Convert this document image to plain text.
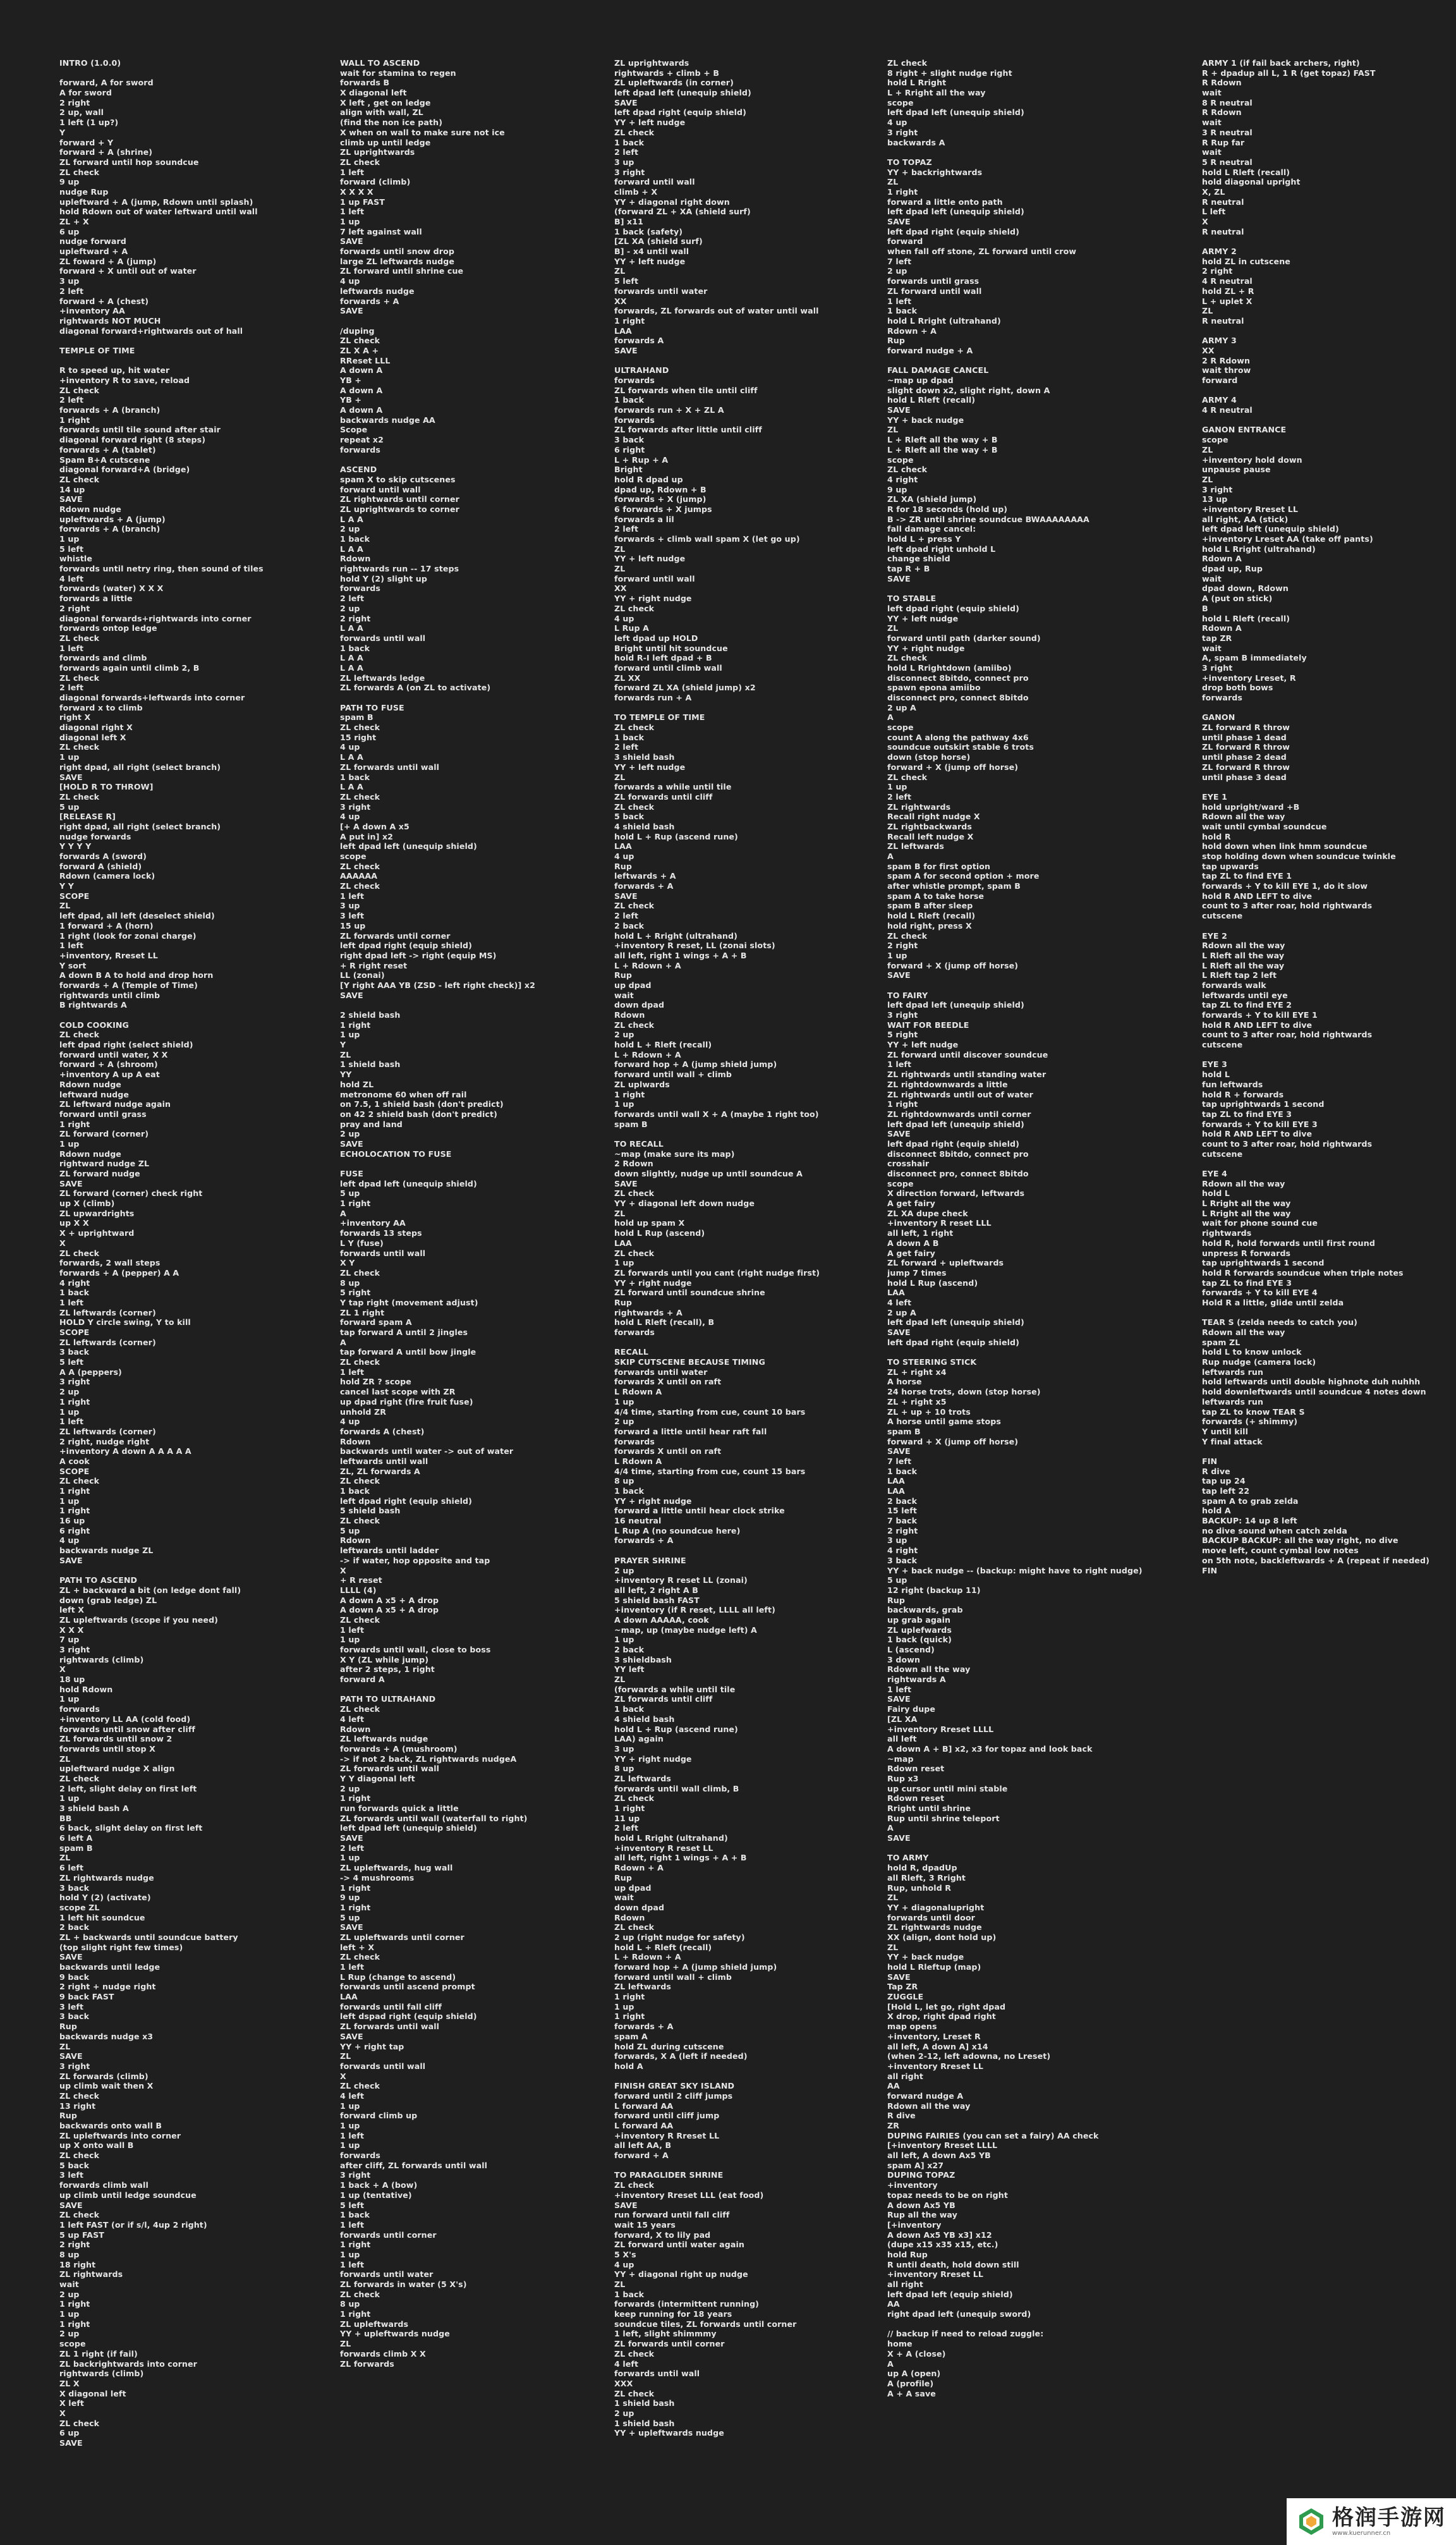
INTRO (1.0.0)
forward, A for sword
A for sword
2 right
2 up, wall
1 left (1 up?)
Y
forward + Y
forward + A (shrine)
ZL forward until hop soundcue
ZL check
9 up
nudge Rup
upleftward + A (jump, Rdown until splash)
hold Rdown out of water leftward until wall
ZL + X
6 up
nudge forward
upleftward + A
ZL foward + A (jump)
forward + X until out of water
3 up
2 left
forward + A (chest)
+inventory AA
rightwards NOT MUCH
diagonal forward+rightwards out of hall
TEMPLE OF TIME
R to speed up, hit water
+inventory R to save, reload
ZL check
2 left
forwards + A (branch)
1 right
forwards until tile sound after stair
diagonal forward right (8 steps)
forwards + A (tablet)
Spam B+A cutscene
diagonal forward+A (bridge)
ZL check
14 up
SAVE
Rdown nudge
upleftwards + A (jump)
forwards + A (branch)
1 up
5 left
whistle
forwards until netry ring, then sound of tiles
4 left
forwards (water) X X X
forwards a little
2 right
diagonal forwards+rightwards into corner
forwards ontop ledge
ZL check
1 left
forwards and climb
forwards again until climb 2, B
ZL check
2 left
diagonal forwards+leftwards into corner
forward x to climb
right X
diagonal right X
diagonal left X
ZL check
1 up
right dpad, all right (select branch)
SAVE
[HOLD R TO THROW]
ZL check
5 up
[RELEASE R]
right dpad, all right (select branch)
nudge forwards
Y Y Y Y
forwards A (sword)
forward A (shield)
Rdown (camera lock)
Y Y
SCOPE
ZL
left dpad, all left (deselect shield)
1 forward + A (horn)
1 right (look for zonai charge)
1 left
+inventory, Rreset LL
Y sort
A down B A to hold and drop horn
forwards + A (Temple of Time)
rightwards until climb
B rightwards A
COLD COOKING
ZL check
left dpad right (select shield)
forward until water, X X
forward + A (shroom)
+inventory A up A eat
Rdown nudge
leftward nudge
ZL leftward nudge again
forward until grass
1 right
ZL forward (corner)
1 up
Rdown nudge
rightward nudge ZL
ZL forward nudge
SAVE
ZL forward (corner) check right
up X (climb)
ZL upwardrights
up X X
X + uprightward
X
ZL check
forwards, 2 wall steps
forwards + A (pepper) A A
4 right
1 back
1 left
ZL leftwards (corner)
HOLD Y circle swing, Y to kill
SCOPE
ZL leftwards (corner)
3 back
5 left
A A (peppers)
3 right
2 up
1 right
1 up
1 left
ZL leftwards (corner)
2 right, nudge right
+inventory A down A A A A A
A cook
SCOPE
ZL check
1 right
1 up
1 right
16 up
6 right
4 up
backwards nudge ZL
SAVE
PATH TO ASCEND
ZL + backward a bit (on ledge dont fall)
down (grab ledge) ZL
left X
ZL upleftwards (scope if you need)
X X X
7 up
3 right
rightwards (climb)
X
18 up
hold Rdown
1 up
forwards
+inventory LL AA (cold food)
forwards until snow after cliff
ZL forwards until snow 2
forwards until stop X
ZL
upleftward nudge X align
ZL check
2 left, slight delay on first left
1 up
3 shield bash A
BB
6 back, slight delay on first left
6 left A
spam B
ZL
6 left
ZL rightwards nudge
3 back
hold Y (2) (activate)
scope ZL
1 left hit soundcue
2 back
ZL + backwards until soundcue battery
(top slight right few times)
SAVE
backwards until ledge
9 back
2 right + nudge right
9 back FAST
3 left
3 back
Rup
backwards nudge x3
ZL
SAVE
3 right
ZL forwards (climb)
up climb wait then X
ZL check
13 right
Rup
backwards onto wall B
ZL upleftwards into corner
up X onto wall B
ZL check
5 back
3 left
forwards climb wall
up climb until ledge soundcue
SAVE
ZL check
1 left FAST (or if s/l, 4up 2 right)
5 up FAST
2 right
8 up
18 right
ZL rightwards
wait
2 up
1 right
1 up
1 right
2 up
scope
ZL 1 right (if fail)
ZL backrightwards into corner
rightwards (climb)
ZL X
X diagonal left
X left
X
ZL check
6 up
SAVE
WALL TO ASCEND
wait for stamina to regen
forwards B
X diagonal left
X left , get on ledge
align with wall, ZL
(find the non ice path)
X when on wall to make sure not ice
climb up until ledge
ZL uprightwards
ZL check
1 left
forward (climb)
X X X X
1 up FAST
1 left
1 up
7 left against wall
SAVE
forwards until snow drop
large ZL leftwards nudge
ZL forward until shrine cue
4 up
leftwards nudge
forwards + A
SAVE
/duping
ZL check
ZL X A +
RReset LLL
A down A
YB +
A down A
YB +
A down A
backwards nudge AA
Scope
repeat x2
forwards
ASCEND
spam X to skip cutscenes
forward until wall
ZL rightwards until corner
ZL uprightwards to corner
L A A
2 up
1 back
L A A
Rdown
rightwards run -- 17 steps
hold Y (2) slight up
forwards
2 left
2 up
2 right
L A A
forwards until wall
1 back
L A A
L A A
ZL leftwards ledge
ZL forwards A (on ZL to activate)
PATH TO FUSE
spam B
ZL check
15 right
4 up
L A A
ZL forwards until wall
1 back
L A A
ZL check
3 right
4 up
[+ A down A x5
A put in] x2
left dpad left (unequip shield)
scope
ZL check
AAAAAA
ZL check
1 left
3 up
3 left
15 up
ZL forwards until corner
left dpad right (equip shield)
right dpad left -> right (equip MS)
+ R right reset
LL (zonai)
[Y right AAA YB (ZSD - left right check)] x2
SAVE
2 shield bash
1 right
1 up
Y
ZL
1 shield bash
YY
hold ZL
metronome 60 when off rail
on 7.5, 1 shield bash (don't predict)
on 42 2 shield bash (don't predict)
pray and land
2 up
SAVE
ECHOLOCATION TO FUSE
FUSE
left dpad left (unequip shield)
5 up
1 right
A
+inventory AA
forwards 13 steps
L Y (fuse)
forwards until wall
X Y
ZL check
8 up
5 right
Y tap right (movement adjust)
ZL 1 right
forward spam A
tap forward A until 2 jingles
A
tap forward A until bow jingle
ZL check
1 left
hold ZR ? scope
cancel last scope with ZR
up dpad right (fire fruit fuse)
unhold ZR
4 up
forwards A (chest)
Rdown
backwards until water -> out of water
leftwards until wall
ZL, ZL forwards A
ZL check
1 back
left dpad right (equip shield)
5 shield bash
ZL check
5 up
Rdown
leftwards until ladder
-> if water, hop opposite and tap
X
+ R reset
LLLL (4)
A down A x5 + A drop
A down A x5 + A drop
ZL check
1 left
1 up
forwards until wall, close to boss
X Y (ZL while jump)
after 2 steps, 1 right
forward A
PATH TO ULTRAHAND
ZL check
4 left
Rdown
ZL leftwards nudge
forwards + A (mushroom)
-> if not 2 back, ZL rightwards nudgeA
ZL forwards until wall
Y Y diagonal left
2 up
1 right
run forwards quick a little
ZL forwards until wall (waterfall to right)
left dpad left (unequip shield)
SAVE
2 left
1 up
ZL upleftwards, hug wall
-> 4 mushrooms
1 right
9 up
1 right
5 up
SAVE
ZL upleftwards until corner
left + X
ZL check
1 left
L Rup (change to ascend)
forwards until ascend prompt
LAA
forwards until fall cliff
left dspad right (equip shield)
ZL forwards until wall
SAVE
YY + right tap
ZL
forwards until wall
X
ZL check
4 left
1 up
forward climb up
1 up
1 left
1 up
forwards
after cliff, ZL forwards until wall
3 right
1 back + A (bow)
1 up (tentative)
5 left
1 back
1 left
forwards until corner
1 right
1 up
1 left
forwards until water
ZL forwards in water (5 X's)
ZL check
8 up
1 right
ZL upleftwards
YY + upleftwards nudge
ZL
forwards climb X X
ZL forwards
ZL uprightwards
rightwards + climb + B
ZL upleftwards (in corner)
left dpad left (unequip shield)
SAVE
left dpad right (equip shield)
YY + left nudge
ZL check
1 back
2 left
3 up
3 right
forward until wall
climb + X
YY + diagonal right down
(forward ZL + XA (shield surf)
B] x11
1 back (safety)
[ZL XA (shield surf)
B] - x4 until wall
YY + left nudge
ZL
5 left
forwards until water
XX
forwards, ZL forwards out of water until wall
1 right
LAA
forwards A
SAVE
ULTRAHAND
forwards
ZL forwards when tile until cliff
1 back
forwards run + X + ZL A
forwards
ZL forwards after little until cliff
3 back
6 right
L + Rup + A
Bright
hold R dpad up
dpad up, Rdown + B
forwards + X (jump)
6 forwards + X jumps
forwards a lil
2 left
forwards + climb wall spam X (let go up)
ZL
YY + left nudge
ZL
forward until wall
XX
YY + right nudge
ZL check
4 up
L Rup A
left dpad up HOLD
Bright until hit soundcue
hold R-I left dpad + B
forward until climb wall
ZL XX
forward ZL XA (shield jump) x2
forwards run + A
TO TEMPLE OF TIME
ZL check
1 back
2 left
3 shield bash
YY + left nudge
ZL
forwards a while until tile
ZL forwards until cliff
ZL check
5 back
4 shield bash
hold L + Rup (ascend rune)
LAA
4 up
Rup
leftwards + A
forwards + A
SAVE
ZL check
2 left
2 back
hold L + Rright (ultrahand)
+inventory R reset, LL (zonai slots)
all left, right 1 wings + A + B
L + Rdown + A
Rup
up dpad
wait
down dpad
Rdown
ZL check
2 up
hold L + Rleft (recall)
L + Rdown + A
forward hop + A (jump shield jump)
forward until wall + climb
ZL uplwards
1 right
1 up
forwards until wall X + A (maybe 1 right too)
spam B
TO RECALL
~map (make sure its map)
2 Rdown
down slightly, nudge up until soundcue A
SAVE
ZL check
YY + diagonal left down nudge
ZL
hold up spam X
hold L Rup (ascend)
LAA
ZL check
1 up
ZL forwards until you cant (right nudge first)
YY + right nudge
ZL forward until soundcue shrine
Rup
rightwards + A
hold L Rleft (recall), B
forwards
RECALL
SKIP CUTSCENE BECAUSE TIMING
forwards until water
forwards X until on raft
L Rdown A
1 up
4/4 time, starting from cue, count 10 bars
2 up
forward a little until hear raft fall
forwards
forwards X until on raft
L Rdown A
4/4 time, starting from cue, count 15 bars
8 up
1 back
YY + right nudge
forward a little until hear clock strike
16 neutral
L Rup A (no soundcue here)
forwards + A
PRAYER SHRINE
2 up
+inventory R reset LL (zonai)
all left, 2 right A B
5 shield bash FAST
+inventory (if R reset, LLLL all left)
A down AAAAA, cook
~map, up (maybe nudge left) A
1 up
2 back
3 shieldbash
YY left
ZL
(forwards a while until tile
ZL forwards until cliff
1 back
4 shield bash
hold L + Rup (ascend rune)
LAA) again
3 up
YY + right nudge
8 up
ZL leftwards
forwards until wall climb, B
ZL check
1 right
11 up
2 left
hold L Rright (ultrahand)
+inventory R reset LL
all left, right 1 wings + A + B
Rdown + A
Rup
up dpad
wait
down dpad
Rdown
ZL check
2 up (right nudge for safety)
hold L + Rleft (recall)
L + Rdown + A
forward hop + A (jump shield jump)
forward until wall + climb
ZL leftwards
1 right
1 up
1 right
forwards + A
spam A
hold ZL during cutscene
forwards, X A (left if needed)
hold A
FINISH GREAT SKY ISLAND
forward until 2 cliff jumps
L forward AA
forward until cliff jump
L forward AA
+inventory R Rreset LL
all left AA, B
forward + A
TO PARAGLIDER SHRINE
ZL check
+inventory Rreset LLL (eat food)
SAVE
run forward until fall cliff
wait 15 years
forward, X to lily pad
ZL forward until water again
5 X's
4 up
YY + diagonal right up nudge
ZL
1 back
forwards (intermittent running)
keep running for 18 years
soundcue tiles, ZL forwards until corner
1 left, slight shimmmy
ZL forwards until corner
ZL check
4 left
forwards until wall
XXX
ZL check
1 shield bash
2 up
1 shield bash
YY + upleftwards nudge
ZL check
8 right + slight nudge right
hold L Rright
L + Rright all the way
scope
left dpad left (unequip shield)
4 up
3 right
backwards A
TO TOPAZ
YY + backrightwards
ZL
1 right
forward a little onto path
left dpad left (unequip shield)
SAVE
left dpad right (equip shield)
forward
when fall off stone, ZL forward until crow
7 left
2 up
forwards until grass
ZL forward until wall
1 left
1 back
hold L Rright (ultrahand)
Rdown + A
Rup
forward nudge + A
FALL DAMAGE CANCEL
~map up dpad
slight down x2, slight right, down A
hold L Rleft (recall)
SAVE
YY + back nudge
ZL
L + Rleft all the way + B
L + Rleft all the way + B
scope
ZL check
4 right
9 up
ZL XA (shield jump)
R for 18 seconds (hold up)
B -> ZR until shrine soundcue BWAAAAAAAA
fall damage cancel:
hold L + press Y
left dpad right unhold L
change shield
tap R + B
SAVE
TO STABLE
left dpad right (equip shield)
YY + left nudge
ZL
forward until path (darker sound)
YY + right nudge
ZL check
hold L Rrightdown (amiibo)
disconnect 8bitdo, connect pro
spawn epona amiibo
disconnect pro, connect 8bitdo
2 up A
A
scope
count A along the pathway 4x6
soundcue outskirt stable 6 trots
down (stop horse)
forward + X (jump off horse)
ZL check
1 up
2 left
ZL rightwards
Recall right nudge X
ZL rightbackwards
Recall left nudge X
ZL leftwards
A
spam B for first option
spam A for second option + more
after whistle prompt, spam B
spam A to take horse
spam B after sleep
hold L Rleft (recall)
hold right, press X
ZL check
2 right
1 up
forward + X (jump off horse)
SAVE
TO FAIRY
left dpad left (unequip shield)
3 right
WAIT FOR BEEDLE
5 right
YY + left nudge
ZL forward until discover soundcue
1 left
ZL rightwards until standing water
ZL rightdownwards a little
ZL rightwards until out of water
1 right
ZL rightdownwards until corner
left dpad left (unequip shield)
SAVE
left dpad right (equip shield)
disconnect 8bitdo, connect pro
crosshair
disconnect pro, connect 8bitdo
scope
X direction forward, leftwards
A get fairy
ZL XA dupe check
+inventory R reset LLL
all left, 1 right
A down A B
A get fairy
ZL forward + upleftwards
jump 7 times
hold L Rup (ascend)
LAA
4 left
2 up A
left dpad left (unequip shield)
SAVE
left dpad right (equip shield)
TO STEERING STICK
ZL + right x4
A horse
24 horse trots, down (stop horse)
ZL + right x5
ZL + up + 10 trots
A horse until game stops
spam B
forward + X (jump off horse)
SAVE
7 left
1 back
LAA
LAA
2 back
15 left
7 back
2 right
3 up
4 right
3 back
YY + back nudge -- (backup: might have to right nudge)
5 up
12 right (backup 11)
Rup
backwards, grab
up grab again
ZL uplefwards
1 back (quick)
L (ascend)
3 down
Rdown all the way
rightwards A
1 left
SAVE
Fairy dupe
[ZL XA
+inventory Rreset LLLL
all left
A down A + B] x2, x3 for topaz and look back
~map
Rdown reset
Rup x3
up cursor until mini stable
Rdown reset
Rright until shrine
Rup until shrine teleport
A
SAVE
TO ARMY
hold R, dpadUp
all Rleft, 3 Rright
Rup, unhold R
ZL
YY + diagonalupright
forwards until door
ZL rightwards nudge
XX (align, dont hold up)
ZL
YY + back nudge
hold L Rleftup (map)
SAVE
Tap ZR
ZUGGLE
[Hold L, let go, right dpad
X drop, right dpad right
map opens
+inventory, Lreset R
all left, A down A] x14
(when 2-12, left adowna, no Lreset)
+inventory Rreset LL
all right
AA
forward nudge A
Rdown all the way
R dive
ZR
DUPING FAIRIES (you can set a fairy) AA check
[+inventory Rreset LLLL
all left, A down Ax5 YB
spam A] x27
DUPING TOPAZ
+inventory
topaz needs to be on right
A down Ax5 YB
Rup all the way
[+inventory
A down Ax5 YB x3] x12
(dupe x15 x35 x15, etc.)
hold Rup
R until death, hold down still
+inventory Rreset LL
all right
left dpad left (equip shield)
AA
right dpad left (unequip sword)
// backup if need to reload zuggle:
home
X + A (close)
A
up A (open)
A (profile)
A + A save
ARMY 1 (if fail back archers, right)
R + dpadup all L, 1 R (get topaz) FAST
R Rdown
wait
8 R neutral
R Rdown
wait
3 R neutral
R Rup far
wait
5 R neutral
hold L Rleft (recall)
hold diagonal upright
X, ZL
R neutral
L left
X
R neutral
ARMY 2
hold ZL in cutscene
2 right
4 R neutral
hold ZL + R
L + uplet X
ZL
R neutral
ARMY 3
XX
2 R Rdown
wait throw
forward
ARMY 4
4 R neutral
GANON ENTRANCE
scope
ZL
+inventory hold down
unpause pause
ZL
3 right
13 up
+inventory Rreset LL
all right, AA (stick)
left dpad left (unequip shield)
+inventory Lreset AA (take off pants)
hold L Rright (ultrahand)
Rdown A
dpad up, Rup
wait
dpad down, Rdown
A (put on stick)
B
hold L Rleft (recall)
Rdown A
tap ZR
wait
A, spam B immediately
3 right
+inventory Lreset, R
drop both bows
forwards
GANON
ZL forward R throw
until phase 1 dead
ZL forward R throw
until phase 2 dead
ZL forward R throw
until phase 3 dead
EYE 1
hold upright/ward +B
Rdown all the way
wait until cymbal soundcue
hold R
hold down when link hmm soundcue
stop holding down when soundcue twinkle
tap upwards
tap ZL to find EYE 1
forwards + Y to kill EYE 1, do it slow
hold R AND LEFT to dive
count to 3 after roar, hold rightwards
cutscene
EYE 2
Rdown all the way
L Rleft all the way
L Rleft all the way
L Rleft tap 2 left
forwards walk
leftwards until eye
tap ZL to find EYE 2
forwards + Y to kill EYE 1
hold R AND LEFT to dive
count to 3 after roar, hold rightwards
cutscene
EYE 3
hold L
fun leftwards
hold R + forwards
tap uprightwards 1 second
tap ZL to find EYE 3
forwards + Y to kill EYE 3
hold R AND LEFT to dive
count to 3 after roar, hold rightwards
cutscene
EYE 4
Rdown all the way
hold L
L Rright all the way
L Rright all the way
wait for phone sound cue
rightwards
hold R, hold forwards until first round
unpress R forwards
tap uprightwards 1 second
hold R forwards soundcue when triple notes
tap ZL to find EYE 3
forwards + Y to kill EYE 4
Hold R a little, glide until zelda
TEAR S (zelda needs to catch you)
Rdown all the way
spam ZL
hold L to know unlock
Rup nudge (camera lock)
leftwards run
hold leftwards until double highnote duh nuhhh
hold downleftwards until soundcue 4 notes down
leftwards run
tap ZL to know TEAR S
forwards (+ shimmy)
Y until kill
Y final attack
FIN
R dive
tap up 24
tap left 22
spam A to grab zelda
hold A
BACKUP: 14 up 8 left
no dive sound when catch zelda
BACKUP BACKUP: all the way right, no dive
move left, count cymbal low notes
on 5th note, backleftwards + A (repeat if needed)
FIN
格润手游网
www.kuerunner.cn
